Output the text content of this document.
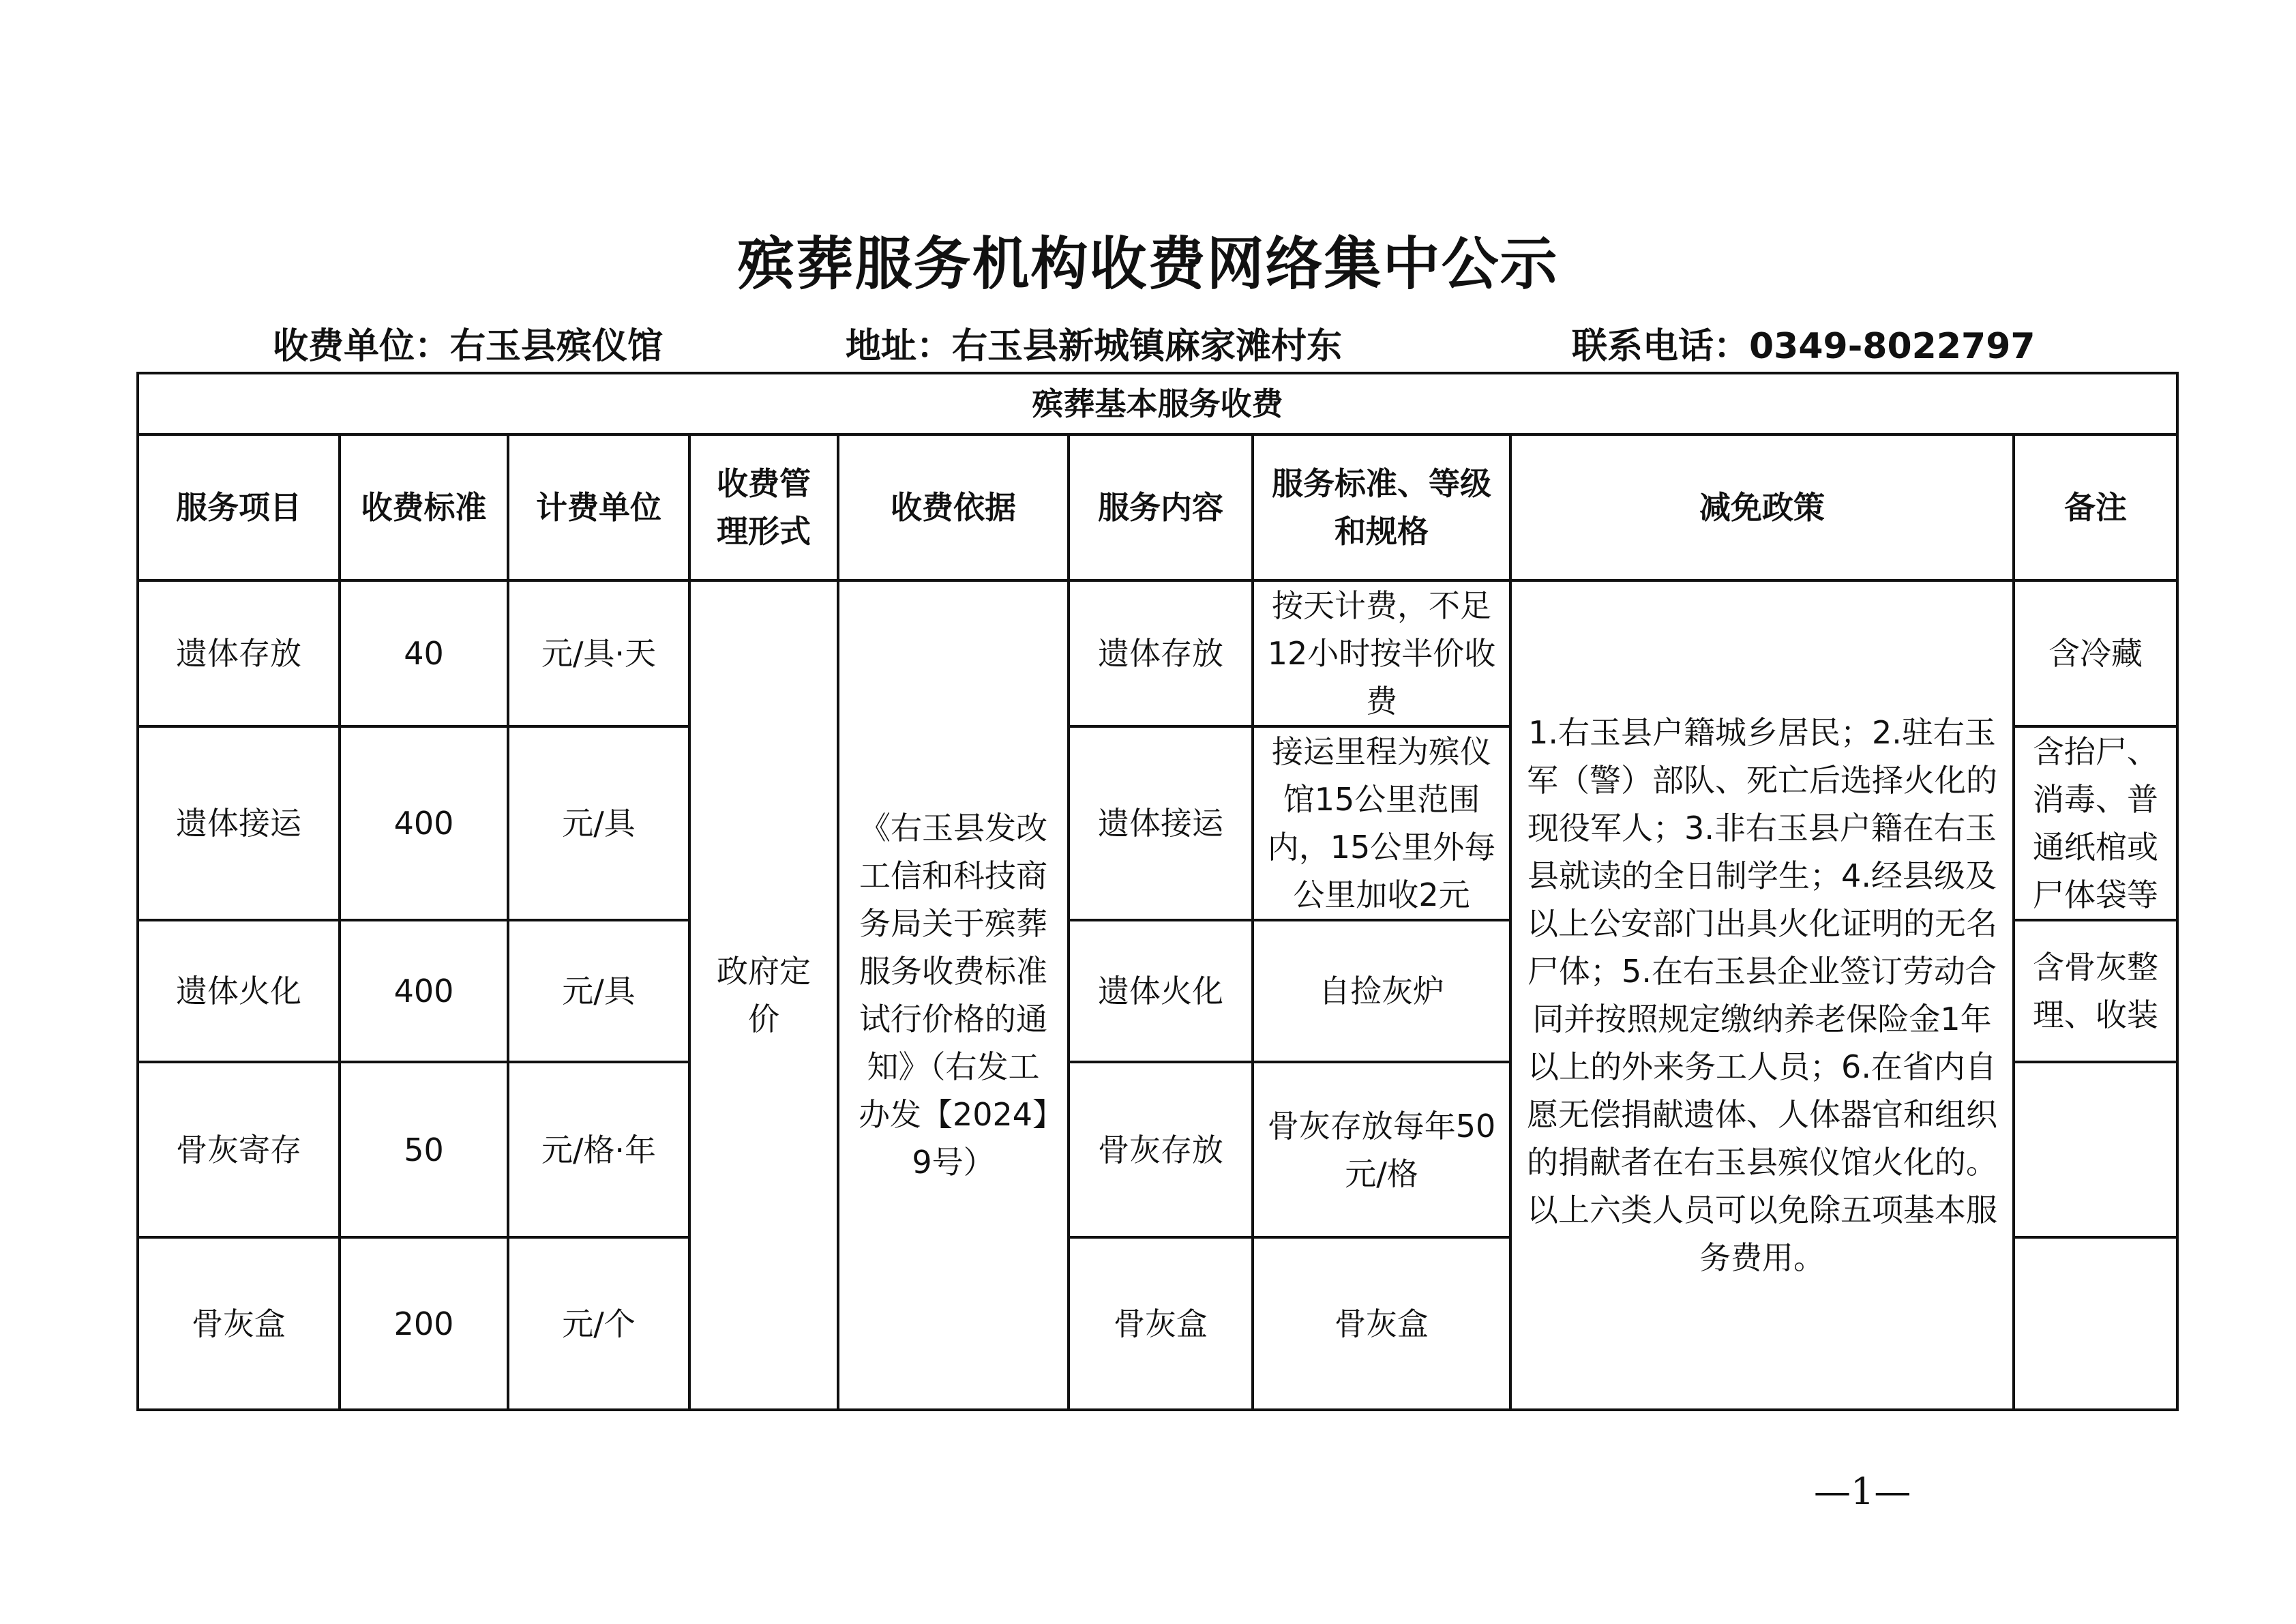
殡葬服务机构收费网络集中公示
收费单位：右玉县殡仪馆	地址：右玉县新城镇麻家滩村东	联系电话：0349-8022797
殡葬基本服务收费								
服务项目	收费标准	计费单位	收费管理形式	收费依据	服务内容	服务标准、等级和规格	减免政策	备注
遗体存放	40	元/具·天	政府定价	《右玉县发改工信和科技商务局关于殡葬服务收费标准试行价格的通知》（右发工办发【2024】9号）	遗体存放	按天计费，不足12小时按半价收费	1.右玉县户籍城乡居民；2.驻右玉军（警）部队、死亡后选择火化的现役军人；3.非右玉县户籍在右玉县就读的全日制学生；4.经县级及以上公安部门出具火化证明的无名尸体；5.在右玉县企业签订劳动合同并按照规定缴纳养老保险金1年以上的外来务工人员；6.在省内自愿无偿捐献遗体、人体器官和组织的捐献者在右玉县殡仪馆火化的。以上六类人员可以免除五项基本服务费用。	含冷藏
遗体接运	400	元/具			遗体接运	接运里程为殡仪馆15公里范围内，15公里外每公里加收2元		含抬尸、消毒、普通纸棺或尸体袋等
遗体火化	400	元/具			遗体火化	自捡灰炉		含骨灰整理、收装
骨灰寄存	50	元/格·年			骨灰存放	骨灰存放每年50元/格		
骨灰盒	200	元/个			骨灰盒	骨灰盒		
—1—
